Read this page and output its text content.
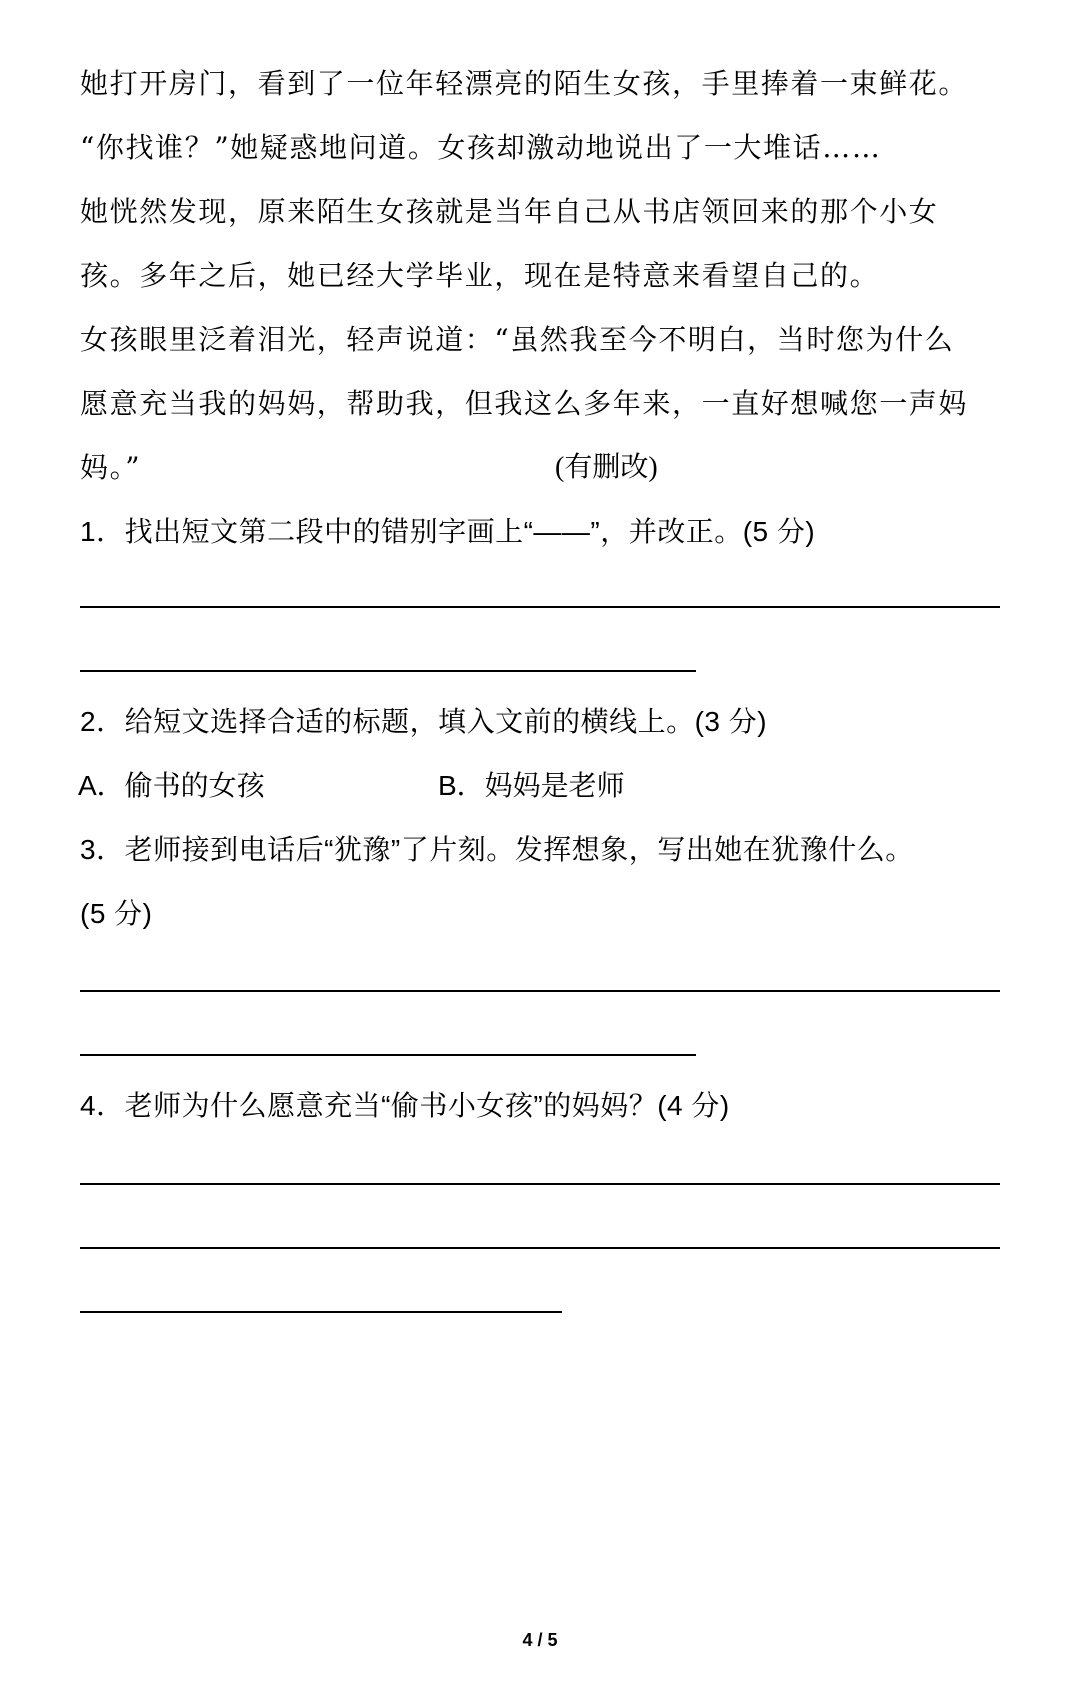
她打开房门，看到了一位年轻漂亮的陌生女孩，手里捧着一束鲜花。
“你找谁？”她疑惑地问道。女孩却激动地说出了一大堆话……
她恍然发现，原来陌生女孩就是当年自己从书店领回来的那个小女
孩。多年之后，她已经大学毕业，现在是特意来看望自己的。
女孩眼里泛着泪光，轻声说道：“虽然我至今不明白，当时您为什么
愿意充当我的妈妈，帮助我，但我这么多年来，一直好想喊您一声妈
妈。”	(有删改)
1．找出短文第二段中的错别字画上“——”，并改正。(5 分)
2．给短文选择合适的标题，填入文前的横线上。(3 分)
A．偷书的女孩	B．妈妈是老师
3．老师接到电话后“犹豫”了片刻。发挥想象，写出她在犹豫什么。
(5 分)
4．老师为什么愿意充当“偷书小女孩”的妈妈？(4 分)
4 / 5
